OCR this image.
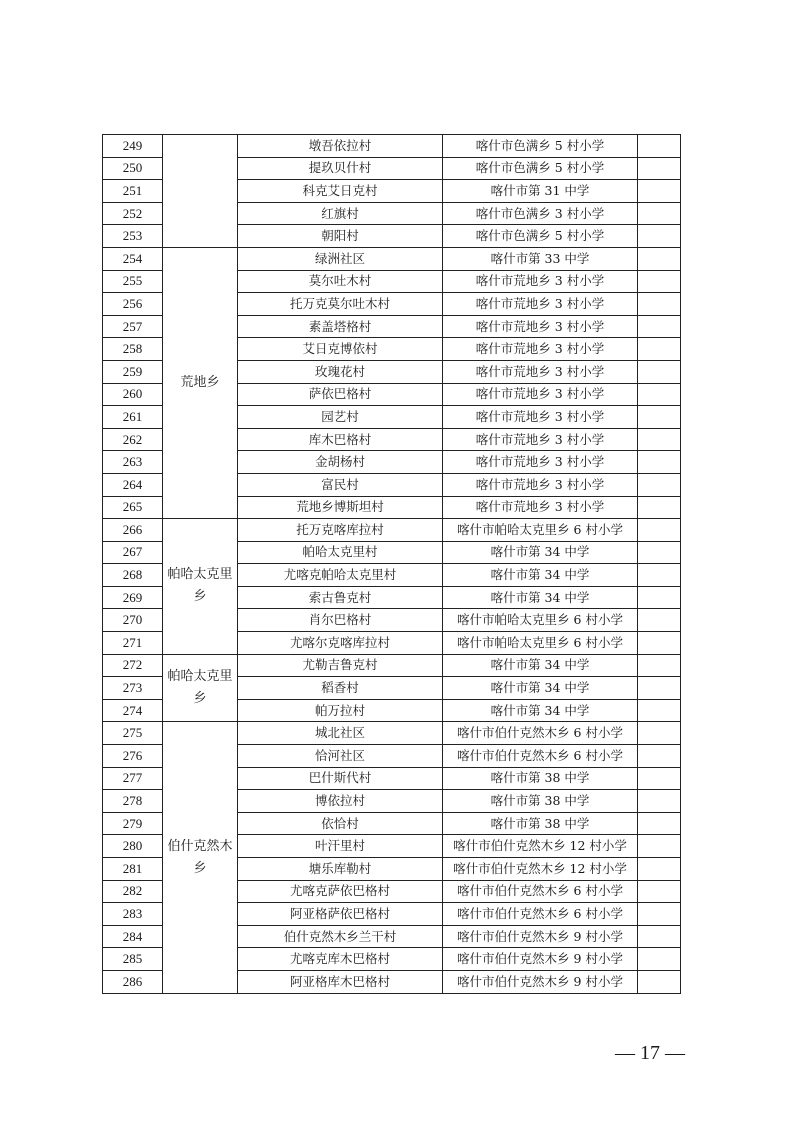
249		墩吾依拉村	喀什市色满乡 5 村小学	
250		提玖贝什村	喀什市色满乡 5 村小学	
251		科克艾日克村	喀什市第 31 中学	
252		红旗村	喀什市色满乡 3 村小学	
253		朝阳村	喀什市色满乡 5 村小学	
254	荒地乡	绿洲社区	喀什市第 33 中学	
255		莫尔吐木村	喀什市荒地乡 3 村小学	
256		托万克莫尔吐木村	喀什市荒地乡 3 村小学	
257		素盖塔格村	喀什市荒地乡 3 村小学	
258		艾日克博依村	喀什市荒地乡 3 村小学	
259		玫瑰花村	喀什市荒地乡 3 村小学	
260		萨依巴格村	喀什市荒地乡 3 村小学	
261		园艺村	喀什市荒地乡 3 村小学	
262		库木巴格村	喀什市荒地乡 3 村小学	
263		金胡杨村	喀什市荒地乡 3 村小学	
264		富民村	喀什市荒地乡 3 村小学	
265		荒地乡博斯坦村	喀什市荒地乡 3 村小学	
266	帕哈太克里乡	托万克喀库拉村	喀什市帕哈太克里乡 6 村小学	
267		帕哈太克里村	喀什市第 34 中学	
268		尤喀克帕哈太克里村	喀什市第 34 中学	
269		索古鲁克村	喀什市第 34 中学	
270		肖尔巴格村	喀什市帕哈太克里乡 6 村小学	
271		尤喀尔克喀库拉村	喀什市帕哈太克里乡 6 村小学	
272	帕哈太克里乡	尤勒吉鲁克村	喀什市第 34 中学	
273		稻香村	喀什市第 34 中学	
274		帕万拉村	喀什市第 34 中学	
275	伯什克然木乡	城北社区	喀什市伯什克然木乡 6 村小学	
276		恰河社区	喀什市伯什克然木乡 6 村小学	
277		巴什斯代村	喀什市第 38 中学	
278		博依拉村	喀什市第 38 中学	
279		依恰村	喀什市第 38 中学	
280		叶汗里村	喀什市伯什克然木乡 12 村小学	
281		塘乐库勒村	喀什市伯什克然木乡 12 村小学	
282		尤喀克萨依巴格村	喀什市伯什克然木乡 6 村小学	
283		阿亚格萨依巴格村	喀什市伯什克然木乡 6 村小学	
284		伯什克然木乡兰干村	喀什市伯什克然木乡 9 村小学	
285		尤喀克库木巴格村	喀什市伯什克然木乡 9 村小学	
286		阿亚格库木巴格村	喀什市伯什克然木乡 9 村小学	
— 17 —
